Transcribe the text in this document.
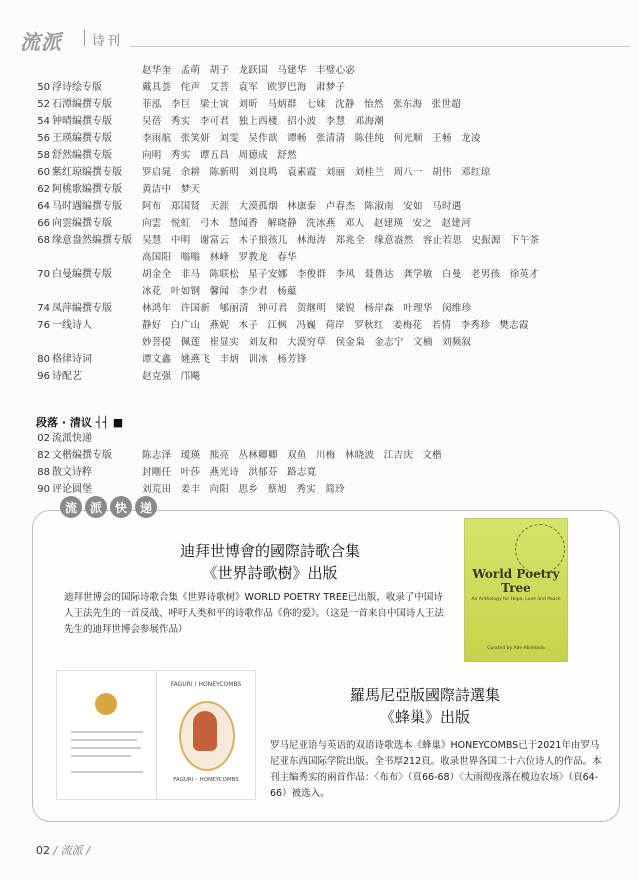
流派 诗刊
赵华奎 孟萌 胡子 龙跃国 马建华 丰璧心宓
50 浮诗绘专版	戴具荟 侘声 艾菩 袁军 欧罗巴海 肃梦子
52 石潭编撰专版	菲泓 李巨 梁士寅 刘昕 马炳群 七妹 沈静 怡然 张东海 张世超
54 钟晴编撰专版	吴蓓 秀实 李可君 独上西楼 招小波 李慧 邓海潮
56 王瑛编撰专版	李雨航 张笑妍 刘雯 吴作歆 谭畅 张清清 陈佳纯 何光顺 王畅 龙凌
58 舒然编撰专版	向明 秀实 谭五昌 周德成 舒然
60 紫红琼编撰专版	罗启晁 余耕 陈新明 刘良鸣 袁素霞 刘丽 刘桂兰 周八一 胡伟 邓红琼
62 阿桃歌编撰专版	黄洁中 梦天
64 马时遇编撰专版	阿布 郑国贤 天涯 大漠孤烟 林康泰 卢春杰 陈淑南 安如 马时遇
66 向雲编撰专版	向雲 悦虹 弓木 慧闻香 解晓静 洗冰燕 邓人 赵建瑛 安之 赵建河
68 缘意盎然编撰专版	吴慧 中明 谢富云 木子狼孩儿 林海涛 郑兆全 缘意盎然 容止若思 史振源 下午茶
高国阳 嗡嗡 林峰 罗教龙 春华
70 白曼编撰专版	胡金全 非马 陈联松 星子安娜 李俊群 李风 聂鲁达 龚学敏 白曼 老男孩 徐英才
冰花 叶如钢 馨闻 李少君 杨藴
74 凤萍编撰专版	林鸿年 许国新 郇丽清 钟可君 贺继明 梁锐 杨岸森 叶理华 闵维珍
76 一线诗人	静好 白广山 燕妮 木子 江枫 冯巍 荷岸 罗秋红 姜梅花 若情 李秀珍 樊志霞
妙菩提 佩莲 崔显实 刘友和 大漠穷草 侯金枭 金志宁 文楠 刘频叙
80 格律诗词	谭文鑫 姚燕飞 丰炳 训冰 杨芳锋
96 诗配艺	赵克强 邝飚
段落 · 清议 ┤┤ ■
02 流派快递
82 文楷编撰专版	陈志泽 瑷瑛 熊亮 丛林卿卿 双鱼 川梅 林晓波 江吉庆 文楷
88 散文诗粹	封剛任 叶莎 燕光诗 洪郁芬 路志寬
90 评论圆堡	刘荒田 姜丰 向阳 思乡 蔡旭 秀实 简玲
流	派	快	递
迪拜世博會的國際詩歌合集
《世界詩歌樹》出版
迪拜世博会的国际诗歌合集《世界诗歌树》WORLD POETRY TREE已出版，收录了中国诗人王法先生的一首反战、呼吁人类和平的诗歌作品《你的爱》。（这是一首来自中国诗人王法先生的迪拜世博会参展作品）
World Poetry Tree
An Anthology for Hope, Love and Peace
Curated by Ade Abimbola
FAGURI / HONEYCOMBS
FAGURI – HONEYCOMBS
羅馬尼亞版國際詩選集
《蜂巢》出版
罗马尼亚语与英语的双语诗歌选本《蜂巢》HONEYCOMBS已于2021年由罗马尼亚东西国际学院出版。全书厚212頁。收录世界各国二十六位诗人的作品。本刊主编秀实的兩首作品：〈布布〉（頁66-68）〈大雨彻夜落在榄边农场〉（頁64-66）被选入。
02 / 流派 /
